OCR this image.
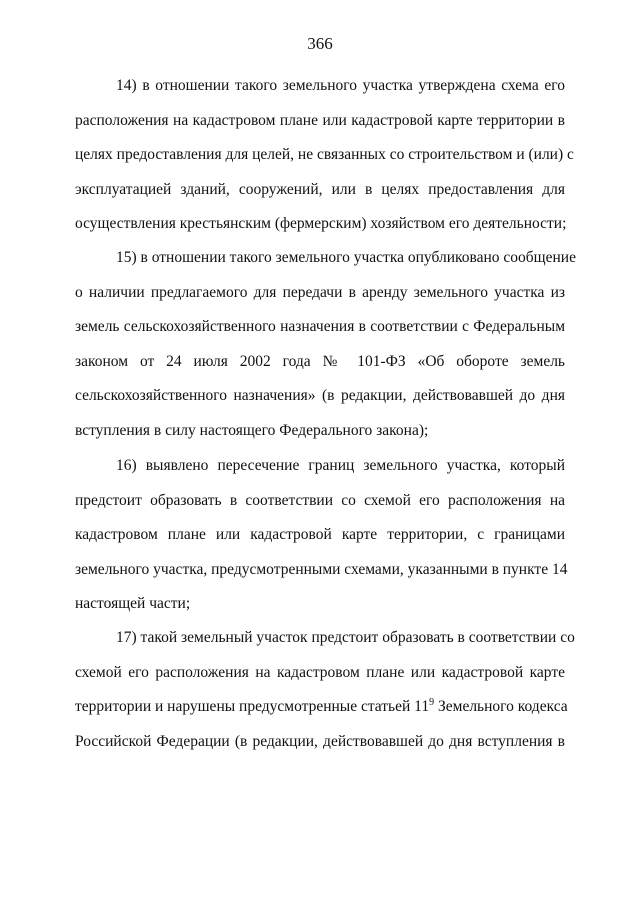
366
14) в отношении такого земельного участка утверждена схема его
расположения на кадастровом плане или кадастровой карте территории в
целях предоставления для целей, не связанных со строительством и (или) с
эксплуатацией зданий, сооружений, или в целях предоставления для
осуществления крестьянским (фермерским) хозяйством его деятельности;
15) в отношении такого земельного участка опубликовано сообщение
о наличии предлагаемого для передачи в аренду земельного участка из
земель сельскохозяйственного назначения в соответствии с Федеральным
законом от 24 июля 2002 года № 101-ФЗ «Об обороте земель
сельскохозяйственного назначения» (в редакции, действовавшей до дня
вступления в силу настоящего Федерального закона);
16) выявлено пересечение границ земельного участка, который
предстоит образовать в соответствии со схемой его расположения на
кадастровом плане или кадастровой карте территории, с границами
земельного участка, предусмотренными схемами, указанными в пункте 14
настоящей части;
17) такой земельный участок предстоит образовать в соответствии со
схемой его расположения на кадастровом плане или кадастровой карте
территории и нарушены предусмотренные статьей $11^9$ Земельного кодекса
Российской Федерации (в редакции, действовавшей до дня вступления в
